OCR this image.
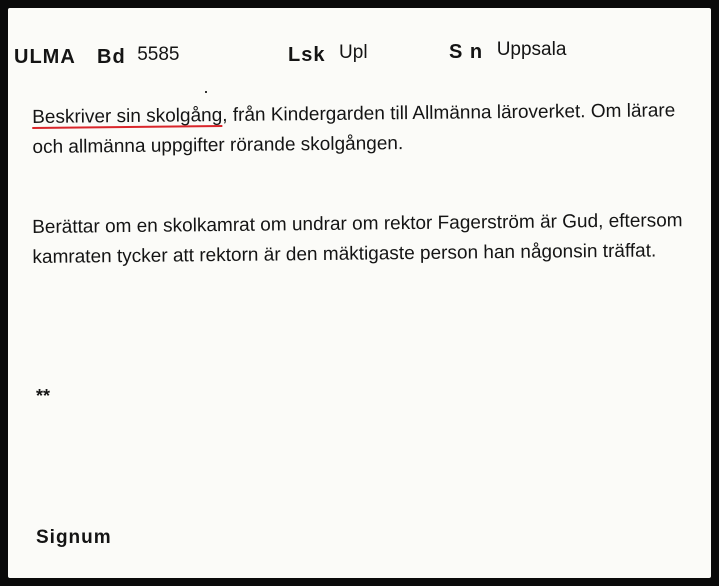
ULMA Bd 5585	Lsk Upl	S n Uppsala
Beskriver sin skolgång, från Kindergarden till Allmänna läroverket. Om lärare och allmänna uppgifter rörande skolgången.
Berättar om en skolkamrat om undrar om rektor Fagerström är Gud, eftersom kamraten tycker att rektorn är den mäktigaste person han någonsin träffat.
**
Signum
